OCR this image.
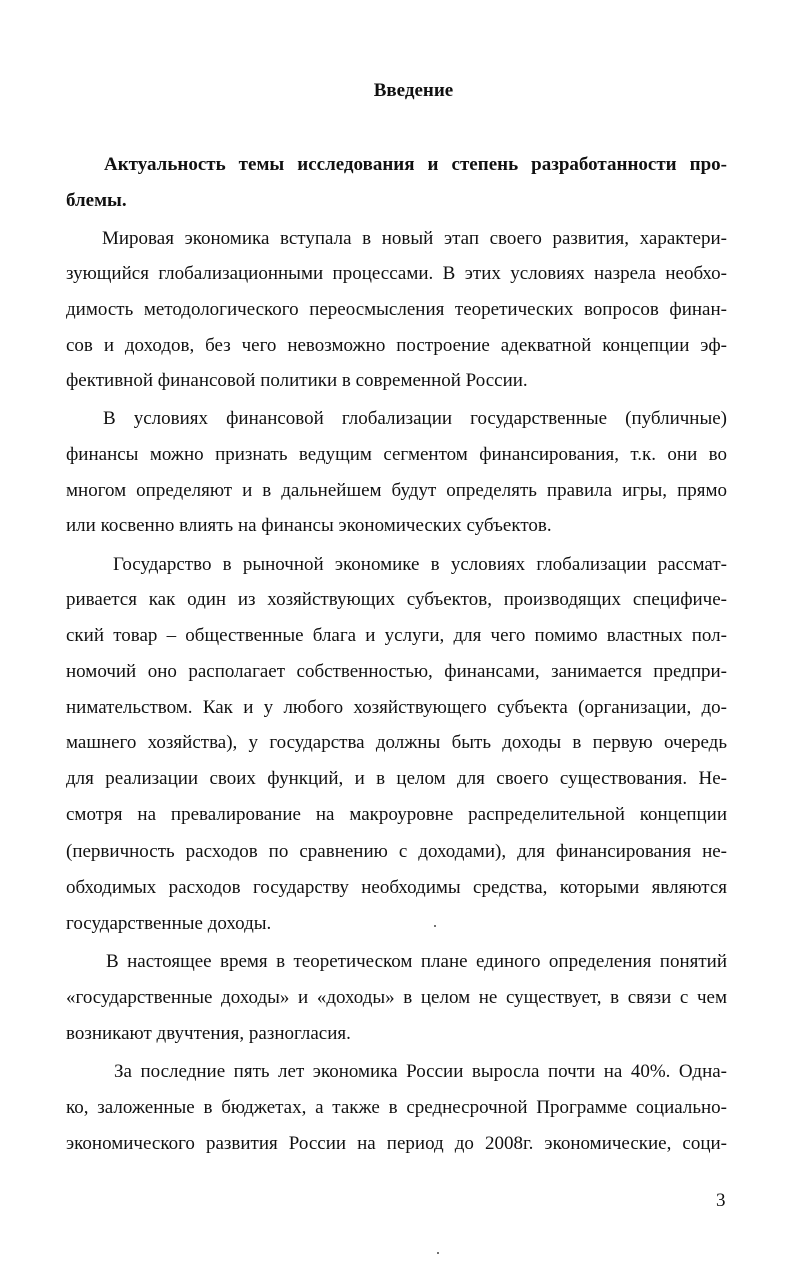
Введение
Актуальность темы исследования и степень разработанности про-
блемы.
Мировая экономика вступала в новый этап своего развития, характери-
зующийся глобализационными процессами. В этих условиях назрела необхо-
димость методологического переосмысления теоретических вопросов финан-
сов и доходов, без чего невозможно построение адекватной концепции эф-
фективной финансовой политики в современной России.
В условиях финансовой глобализации государственные (публичные)
финансы можно признать ведущим сегментом финансирования, т.к. они во
многом определяют и в дальнейшем будут определять правила игры, прямо
или косвенно влиять на финансы экономических субъектов.
Государство в рыночной экономике в условиях глобализации рассмат-
ривается как один из хозяйствующих субъектов, производящих специфиче-
ский товар – общественные блага и услуги, для чего помимо властных пол-
номочий оно располагает собственностью, финансами, занимается предпри-
нимательством. Как и у любого хозяйствующего субъекта (организации, до-
машнего хозяйства), у государства должны быть доходы в первую очередь
для реализации своих функций, и в целом для своего существования. Не-
смотря на превалирование на макроуровне распределительной концепции
(первичность расходов по сравнению с доходами), для финансирования не-
обходимых расходов государству необходимы средства, которыми являются
государственные доходы.
В настоящее время в теоретическом плане единого определения понятий
«государственные доходы» и «доходы» в целом не существует, в связи с чем
возникают двучтения, разногласия.
За последние пять лет экономика России выросла почти на 40%. Одна-
ко, заложенные в бюджетах, а также в среднесрочной Программе социально-
экономического развития России на период до 2008г. экономические, соци-
3
